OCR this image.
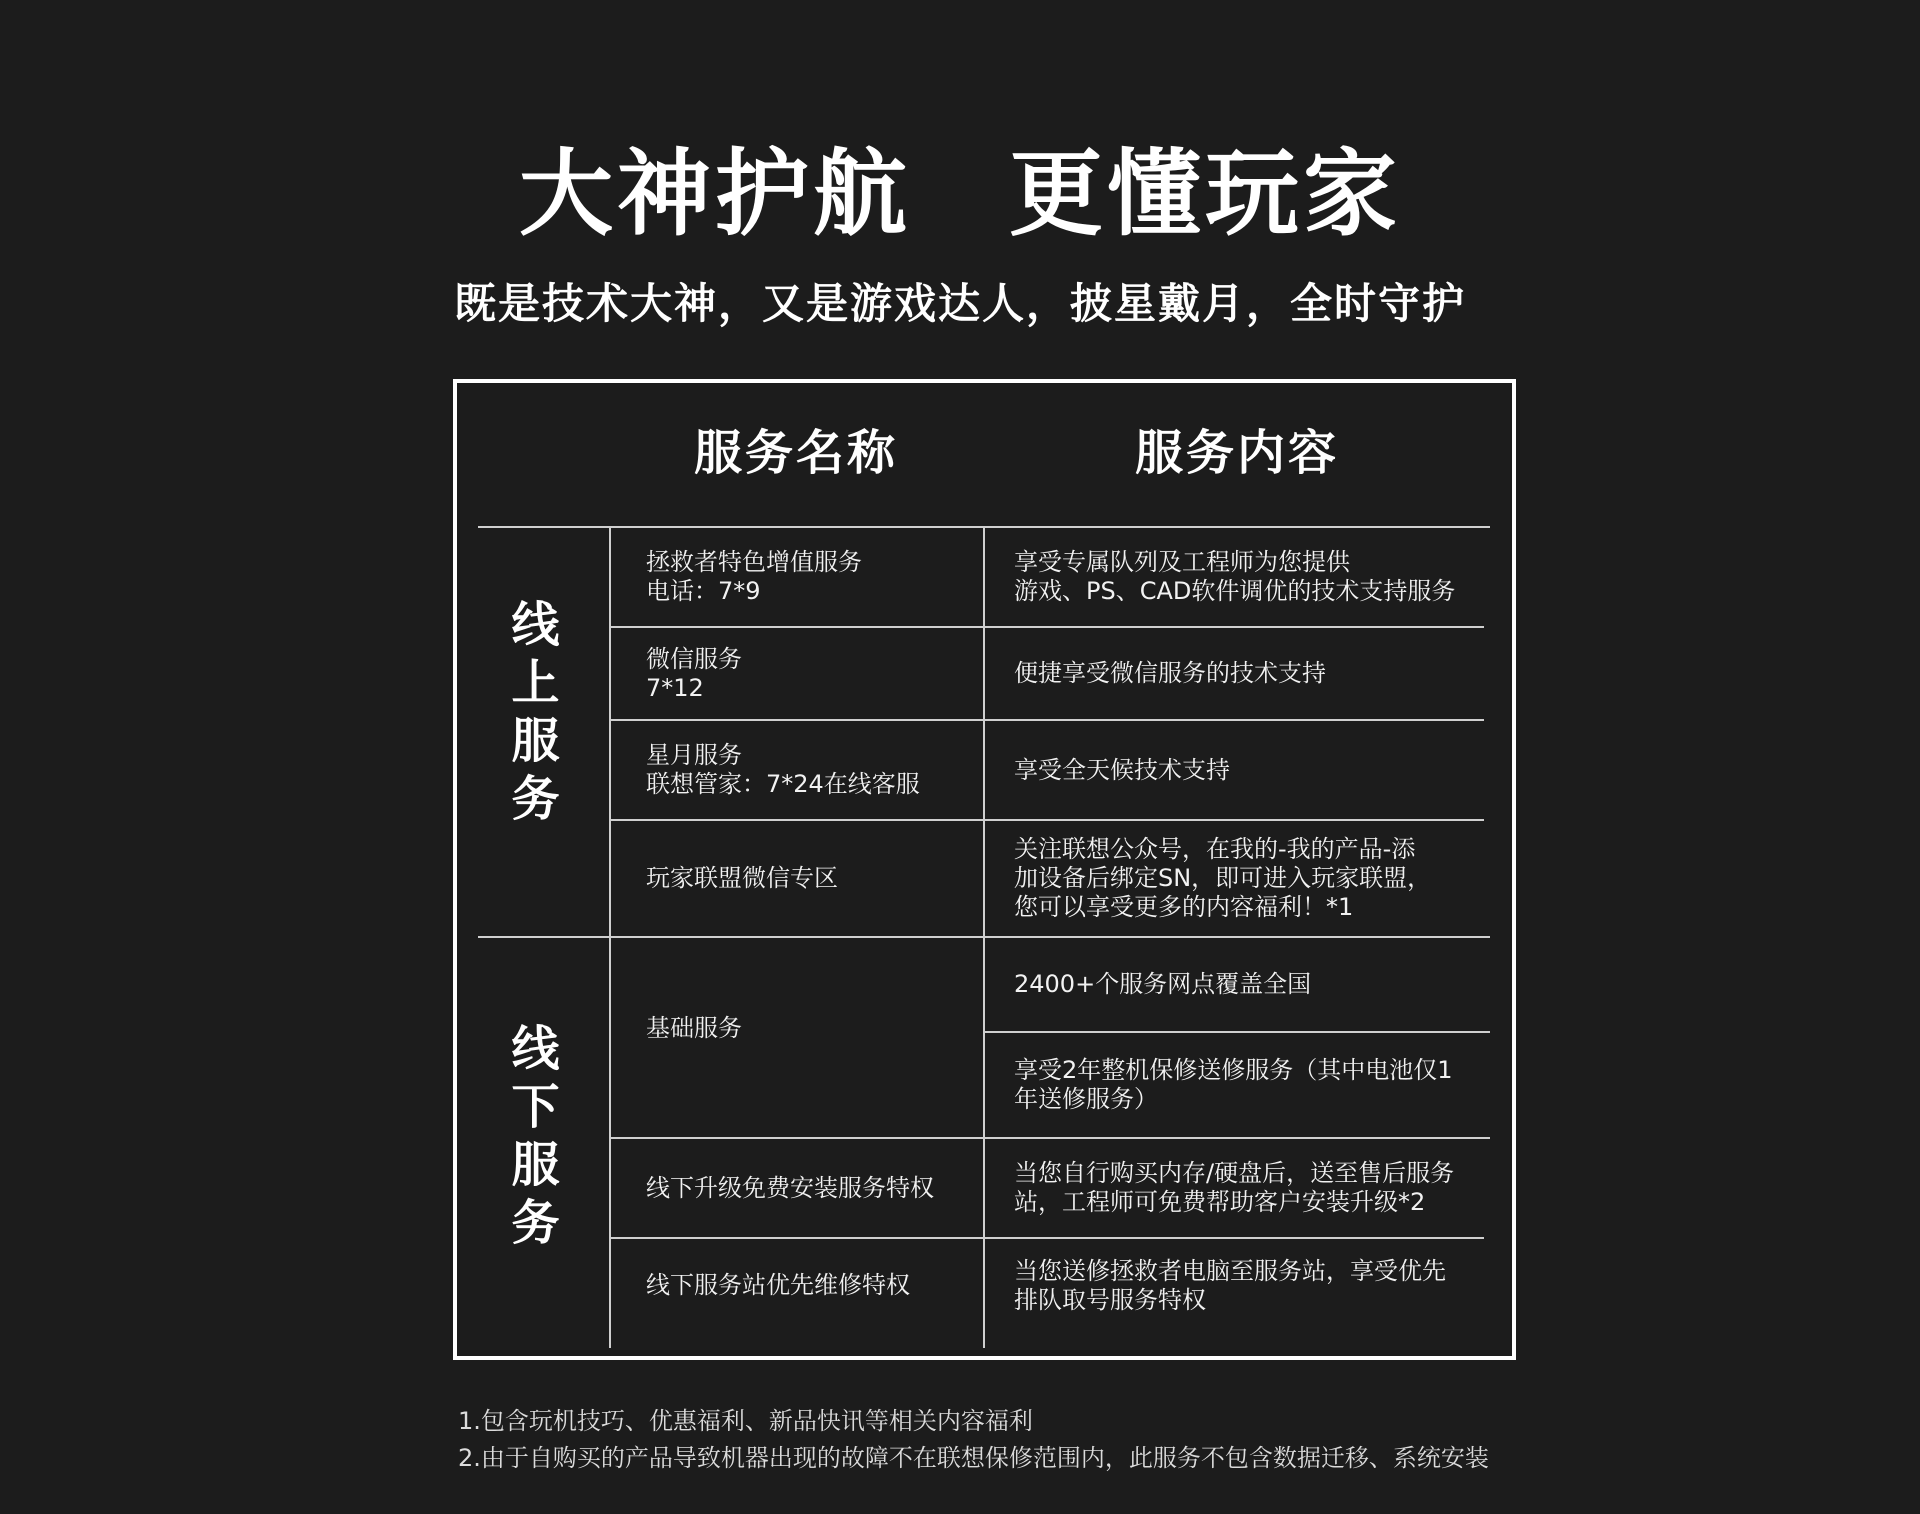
大神护航　更懂玩家
既是技术大神，又是游戏达人，披星戴月，全时守护
服务名称	服务内容
线
上
服
务
线
下
服
务
拯救者特色增值服务
电话：7*9
享受专属队列及工程师为您提供
游戏、PS、CAD软件调优的技术支持服务
微信服务
7*12
便捷享受微信服务的技术支持
星月服务
联想管家：7*24在线客服
享受全天候技术支持
玩家联盟微信专区
关注联想公众号，在我的-我的产品-添
加设备后绑定SN，即可进入玩家联盟，
您可以享受更多的内容福利！*1
基础服务
2400+个服务网点覆盖全国
享受2年整机保修送修服务（其中电池仅1
年送修服务）
线下升级免费安装服务特权
当您自行购买内存/硬盘后，送至售后服务
站，工程师可免费帮助客户安装升级*2
线下服务站优先维修特权
当您送修拯救者电脑至服务站，享受优先
排队取号服务特权
1.包含玩机技巧、优惠福利、新品快讯等相关内容福利
2.由于自购买的产品导致机器出现的故障不在联想保修范围内，此服务不包含数据迁移、系统安装
